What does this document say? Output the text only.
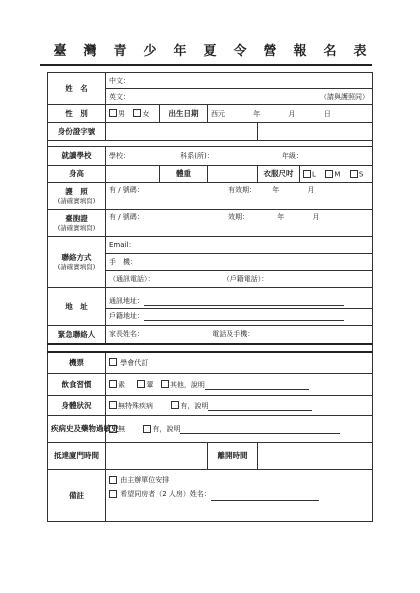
臺灣青少年夏令營報名表
姓　名	中文：				

	英文： （請與護照同）				

性　別	男 女	出生日期	西元 年 月 日		
身份證字號					

就讀學校	學校： 科系(所)： 年級：				
身高		體重		衣服尺吋	L M S
護　照
(請確實填寫)	有 / 號碼： 有效期： 年 月				
臺胞證
(請確實填寫)	有 / 號碼： 效期： 年 月				
聯絡方式
(請確實填寫)	Email：				
	手　機：				
	（通訊電話）： （戶籍電話）：				
地　址	通訊地址：				
	戶籍地址：				
緊急聯絡人	家長姓名： 電話及手機：				

機票	學會代訂				
飲食習慣	素 葷 其他，說明				
身體狀況	無特殊疾病 有，說明				
疾病史及藥物過敏史	無 有，說明				
抵達廈門時間			離開時間		
備註	由主辦單位安排
希望同房者（2 人房）姓名：				
